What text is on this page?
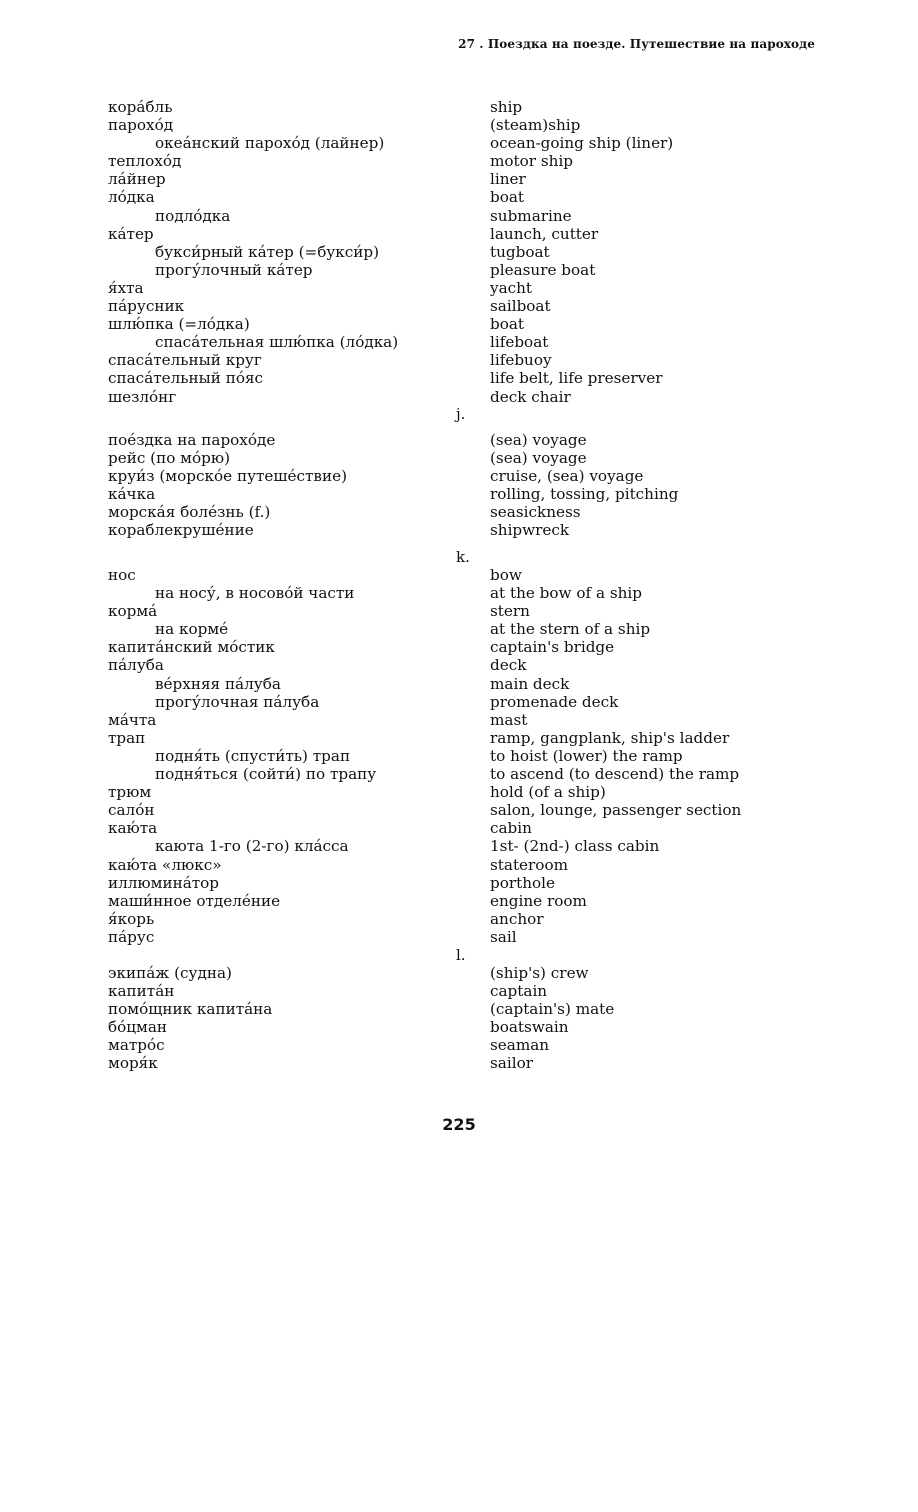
27 . Поездка на поезде. Путешествие на пароходе
кора́бль	ship
парохо́д	(steam)ship
океа́нский парохо́д (лайнер)	ocean-going ship (liner)
теплохо́д	motor ship
ла́йнер	liner
ло́дка	boat
подло́дка	submarine
ка́тер	launch, cutter
букси́рный ка́тер (=букси́р)	tugboat
прогу́лочный ка́тер	pleasure boat
я́хта	yacht
па́русник	sailboat
шлю́пка (=ло́дка)	boat
спаса́тельная шлю́пка (ло́дка)	lifeboat
спаса́тельный круг	lifebuoy
спаса́тельный по́яс	life belt, life preserver
шезло́нг	deck chair
j.
пое́здка на парохо́де	(sea) voyage
рейс (по мо́рю)	(sea) voyage
круи́з (морско́е путеше́ствие)	cruise, (sea) voyage
ка́чка	rolling, tossing, pitching
морска́я боле́знь (f.)	seasickness
кораблекруше́ние	shipwreck
k.
нос	bow
на носу́, в носово́й части	at the bow of a ship
корма́	stern
на корме́	at the stern of a ship
капита́нский мо́стик	captain's bridge
па́луба	deck
ве́рхняя па́луба	main deck
прогу́лочная па́луба	promenade deck
ма́чта	mast
трап	ramp, gangplank, ship's ladder
подня́ть (спусти́ть) трап	to hoist (lower) the ramp
подня́ться (сойти́) по трапу	to ascend (to descend) the ramp
трюм	hold (of a ship)
сало́н	salon, lounge, passenger section
каю́та	cabin
каюта 1-го (2-го) кла́сса	1st- (2nd-) class cabin
каю́та «люкс»	stateroom
иллюмина́тор	porthole
маши́нное отделе́ние	engine room
я́корь	anchor
па́рус	sail
l.
экипа́ж (судна)	(ship's) crew
капита́н	captain
помо́щник капита́на	(captain's) mate
бо́цман	boatswain
матро́с	seaman
моря́к	sailor
225
